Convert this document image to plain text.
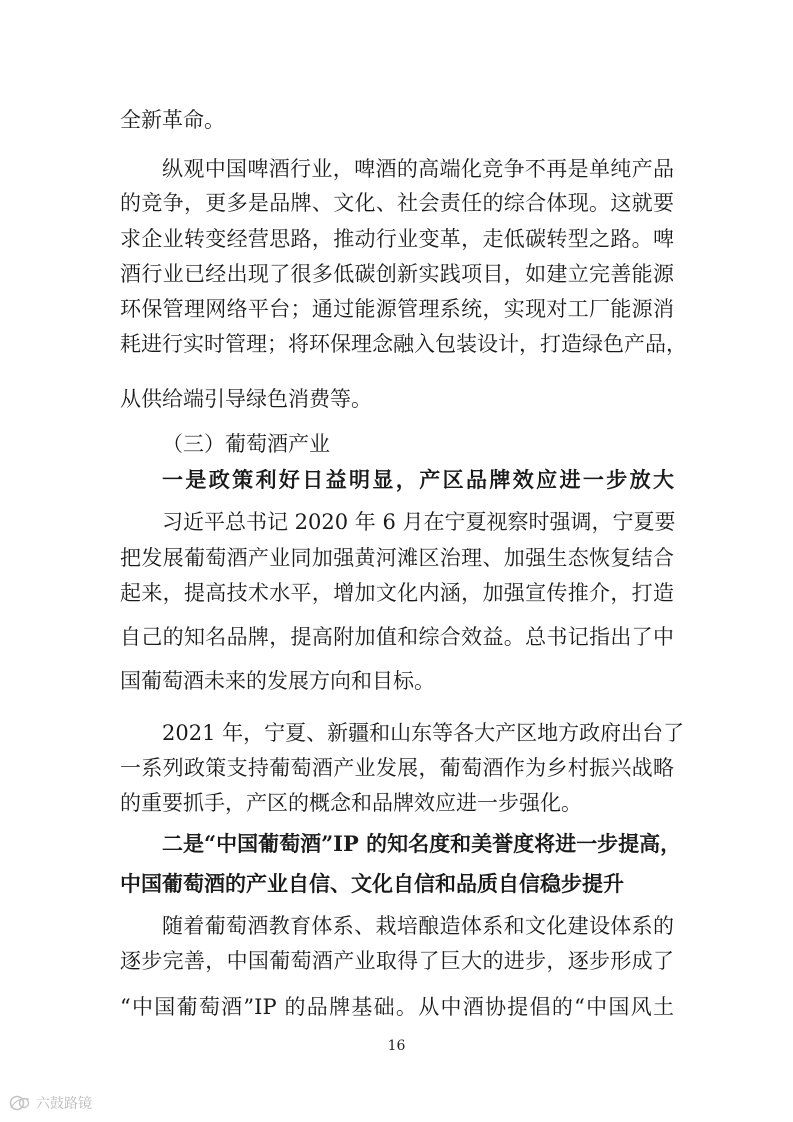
全新革命。
纵观中国啤酒行业，啤酒的高端化竞争不再是单纯产品
的竞争，更多是品牌、文化、社会责任的综合体现。这就要
求企业转变经营思路，推动行业变革，走低碳转型之路。啤
酒行业已经出现了很多低碳创新实践项目，如建立完善能源
环保管理网络平台；通过能源管理系统，实现对工厂能源消
耗进行实时管理；将环保理念融入包装设计，打造绿色产品，
从供给端引导绿色消费等。
（三）葡萄酒产业
一是政策利好日益明显，产区品牌效应进一步放大
习近平总书记 2020 年 6 月在宁夏视察时强调，宁夏要
把发展葡萄酒产业同加强黄河滩区治理、加强生态恢复结合
起来，提高技术水平，增加文化内涵，加强宣传推介，打造
自己的知名品牌，提高附加值和综合效益。总书记指出了中
国葡萄酒未来的发展方向和目标。
2021 年，宁夏、新疆和山东等各大产区地方政府出台了
一系列政策支持葡萄酒产业发展，葡萄酒作为乡村振兴战略
的重要抓手，产区的概念和品牌效应进一步强化。
二是“中国葡萄酒”IP 的知名度和美誉度将进一步提高，
中国葡萄酒的产业自信、文化自信和品质自信稳步提升
随着葡萄酒教育体系、栽培酿造体系和文化建设体系的
逐步完善，中国葡萄酒产业取得了巨大的进步，逐步形成了
“中国葡萄酒”IP 的品牌基础。从中酒协提倡的“中国风土
16
六鼓路镜
